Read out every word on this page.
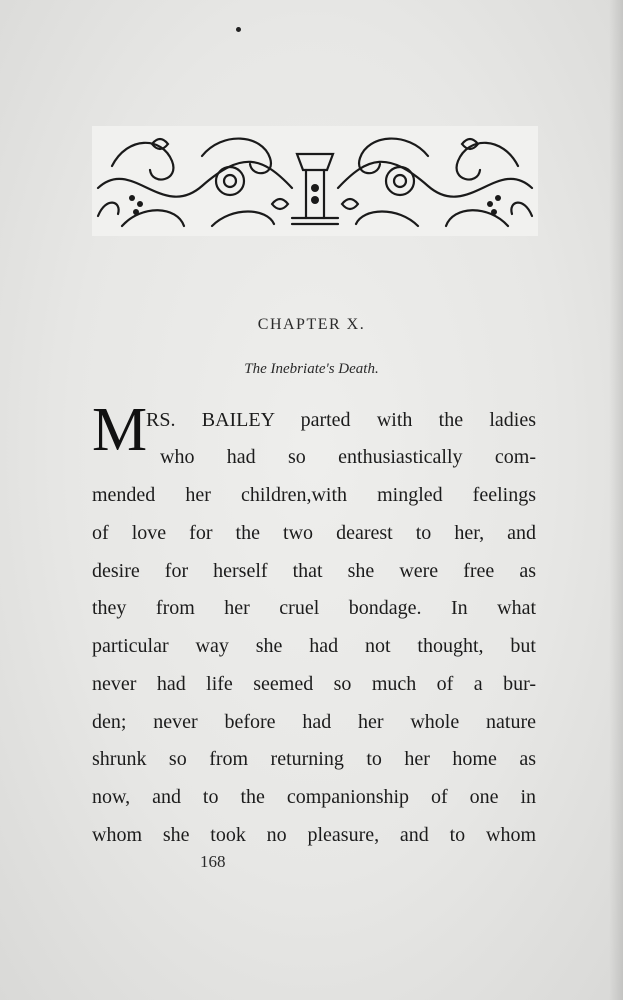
CHAPTER X.
The Inebriate's Death.
M
RS. BAILEY parted with the ladies
who had so enthusiastically com-
mended her children,with mingled feelings
of love for the two dearest to her, and
desire for herself that she were free as
they from her cruel bondage. In what
particular way she had not thought, but
never had life seemed so much of a bur-
den; never before had her whole nature
shrunk so from returning to her home as
now, and to the companionship of one in
whom she took no pleasure, and to whom
168
